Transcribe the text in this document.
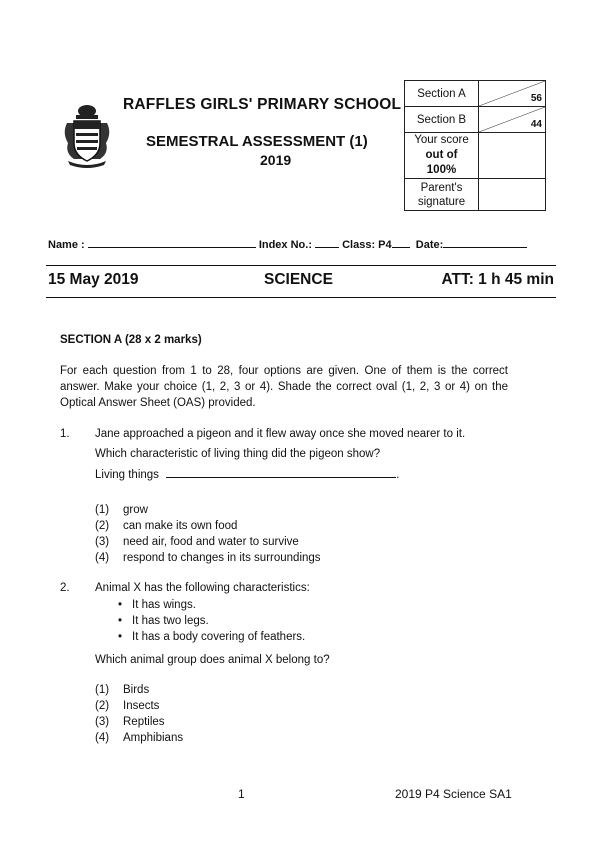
RAFFLES GIRLS' PRIMARY SCHOOL
SEMESTRAL ASSESSMENT (1)
2019
Section A	56

Section B	44

Your score
out of
100%	

Parent's
signature	

Name :	Index No.:	Class: P4 Date:
15 May 2019	SCIENCE	ATT: 1 h 45 min
SECTION A (28 x 2 marks)
For each question from 1 to 28, four options are given. One of them is the correct answer. Make your choice (1, 2, 3 or 4). Shade the correct oval (1, 2, 3 or 4) on the Optical Answer Sheet (OAS) provided.
1. Jane approached a pigeon and it flew away once she moved nearer to it.
Which characteristic of living thing did the pigeon show?
Living things	.
(1) grow
(2) can make its own food
(3) need air, food and water to survive
(4) respond to changes in its surroundings
2. Animal X has the following characteristics:
• It has wings.
• It has two legs.
• It has a body covering of feathers.
Which animal group does animal X belong to?
(1) Birds
(2) Insects
(3) Reptiles
(4) Amphibians
1	2019 P4 Science SA1
